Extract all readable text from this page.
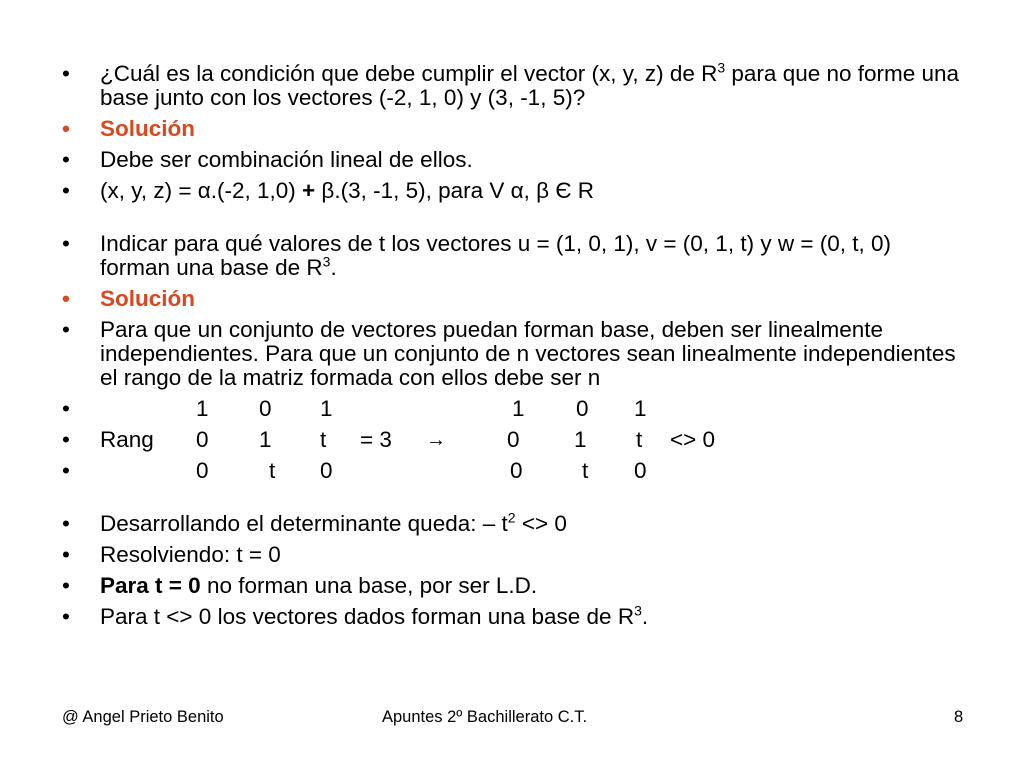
• ¿Cuál es la condición que debe cumplir el vector (x, y, z) de $R^3$ para que no forme una base junto con los vectores (-2, 1, 0) y (3, -1, 5)?
• Solución
• Debe ser combinación lineal de ellos.
• (x, y, z) = α.(-2, 1,0) + β.(3, -1, 5), para V α, β Є R
• Indicar para qué valores de t los vectores u = (1, 0, 1), v = (0, 1, t) y w = (0, t, 0) forman una base de $R^3$.
• Solución
• Para que un conjunto de vectores puedan forman base, deben ser linealmente independientes. Para que un conjunto de n vectores sean linealmente independientes el rango de la matriz formada con ellos debe ser n
• 1 0 1	1 0 1
• Rang 0 1 t = 3 →	0 1 t <> 0
• 0	t 0	0	t 0
• Desarrollando el determinante queda: – $t^2 <> 0$
• Resolviendo: t = 0
• Para t = 0 no forman una base, por ser L.D.
• Para t <> 0 los vectores dados forman una base de $R^3$.
@ Angel Prieto Benito	Apuntes 2º Bachillerato C.T.	8
